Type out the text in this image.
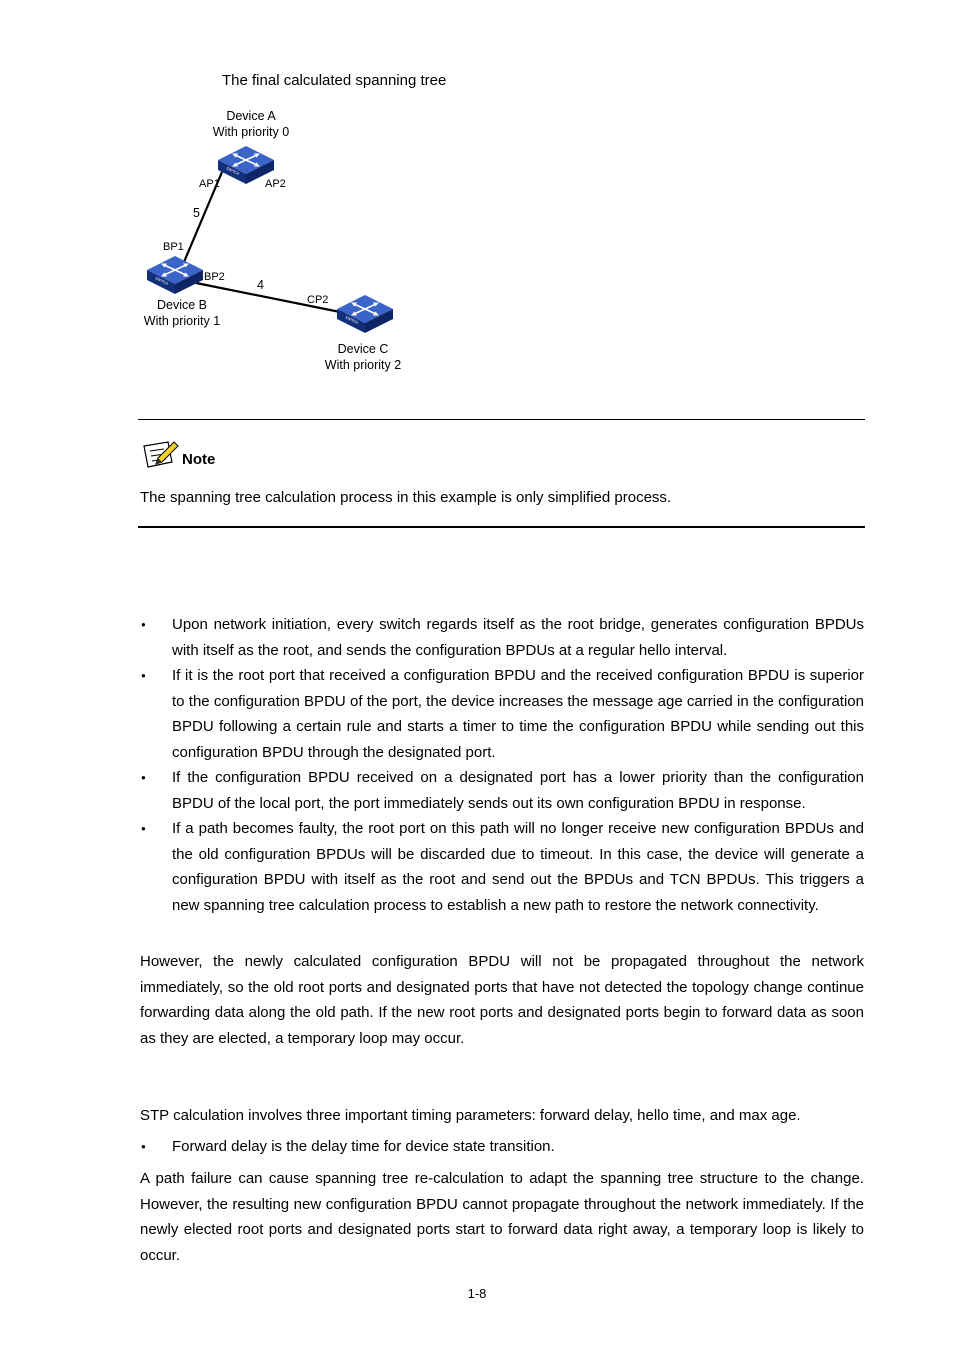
The final calculated spanning tree
SWITCH
AP1	AP2
BP1
BP2
CP2
5
4
Device A
With priority 0
Device B
With priority 1
Device C
With priority 2
Note
The spanning tree calculation process in this example is only simplified process.
● Upon network initiation, every switch regards itself as the root bridge, generates configuration BPDUs with itself as the root, and sends the configuration BPDUs at a regular hello interval.
● If it is the root port that received a configuration BPDU and the received configuration BPDU is superior to the configuration BPDU of the port, the device increases the message age carried in the configuration BPDU following a certain rule and starts a timer to time the configuration BPDU while sending out this configuration BPDU through the designated port.
● If the configuration BPDU received on a designated port has a lower priority than the configuration BPDU of the local port, the port immediately sends out its own configuration BPDU in response.
● If a path becomes faulty, the root port on this path will no longer receive new configuration BPDUs and the old configuration BPDUs will be discarded due to timeout. In this case, the device will generate a configuration BPDU with itself as the root and send out the BPDUs and TCN BPDUs. This triggers a new spanning tree calculation process to establish a new path to restore the network connectivity.
However, the newly calculated configuration BPDU will not be propagated throughout the network immediately, so the old root ports and designated ports that have not detected the topology change continue forwarding data along the old path. If the new root ports and designated ports begin to forward data as soon as they are elected, a temporary loop may occur.
STP calculation involves three important timing parameters: forward delay, hello time, and max age.
● Forward delay is the delay time for device state transition.
A path failure can cause spanning tree re-calculation to adapt the spanning tree structure to the change. However, the resulting new configuration BPDU cannot propagate throughout the network immediately. If the newly elected root ports and designated ports start to forward data right away, a temporary loop is likely to occur.
1-8
